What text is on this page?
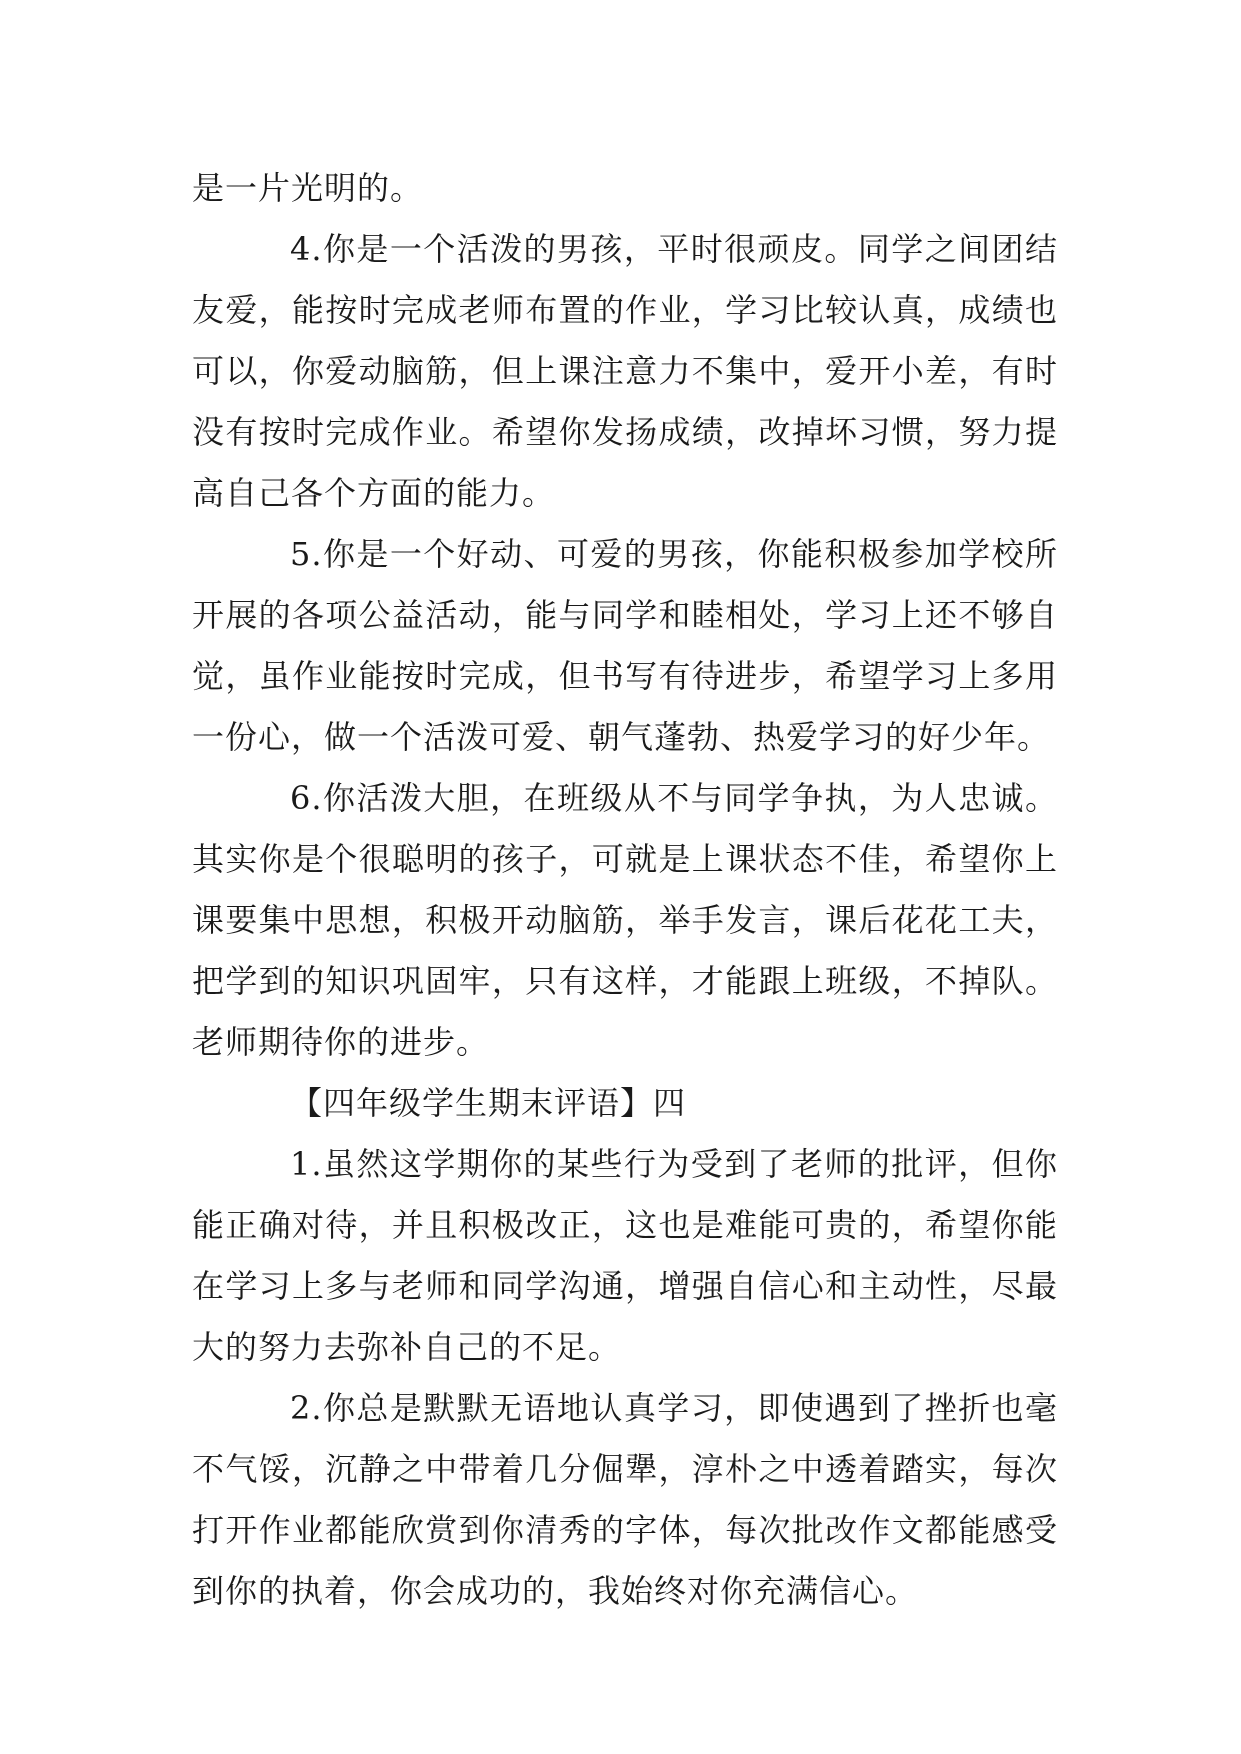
是一片光明的。

4.你是一个活泼的男孩，平时很顽皮。同学之间团结友爱，能按时完成老师布置的作业，学习比较认真，成绩也可以，你爱动脑筋，但上课注意力不集中，爱开小差，有时没有按时完成作业。希望你发扬成绩，改掉坏习惯，努力提高自己各个方面的能力。

5.你是一个好动、可爱的男孩，你能积极参加学校所开展的各项公益活动，能与同学和睦相处，学习上还不够自觉，虽作业能按时完成，但书写有待进步，希望学习上多用一份心，做一个活泼可爱、朝气蓬勃、热爱学习的好少年。

6.你活泼大胆，在班级从不与同学争执，为人忠诚。其实你是个很聪明的孩子，可就是上课状态不佳，希望你上课要集中思想，积极开动脑筋，举手发言，课后花花工夫，把学到的知识巩固牢，只有这样，才能跟上班级，不掉队。老师期待你的进步。

【四年级学生期末评语】四

1.虽然这学期你的某些行为受到了老师的批评，但你能正确对待，并且积极改正，这也是难能可贵的，希望你能在学习上多与老师和同学沟通，增强自信心和主动性，尽最大的努力去弥补自己的不足。

2.你总是默默无语地认真学习，即使遇到了挫折也毫不气馁，沉静之中带着几分倔犟，淳朴之中透着踏实，每次打开作业都能欣赏到你清秀的字体，每次批改作文都能感受到你的执着，你会成功的，我始终对你充满信心。
